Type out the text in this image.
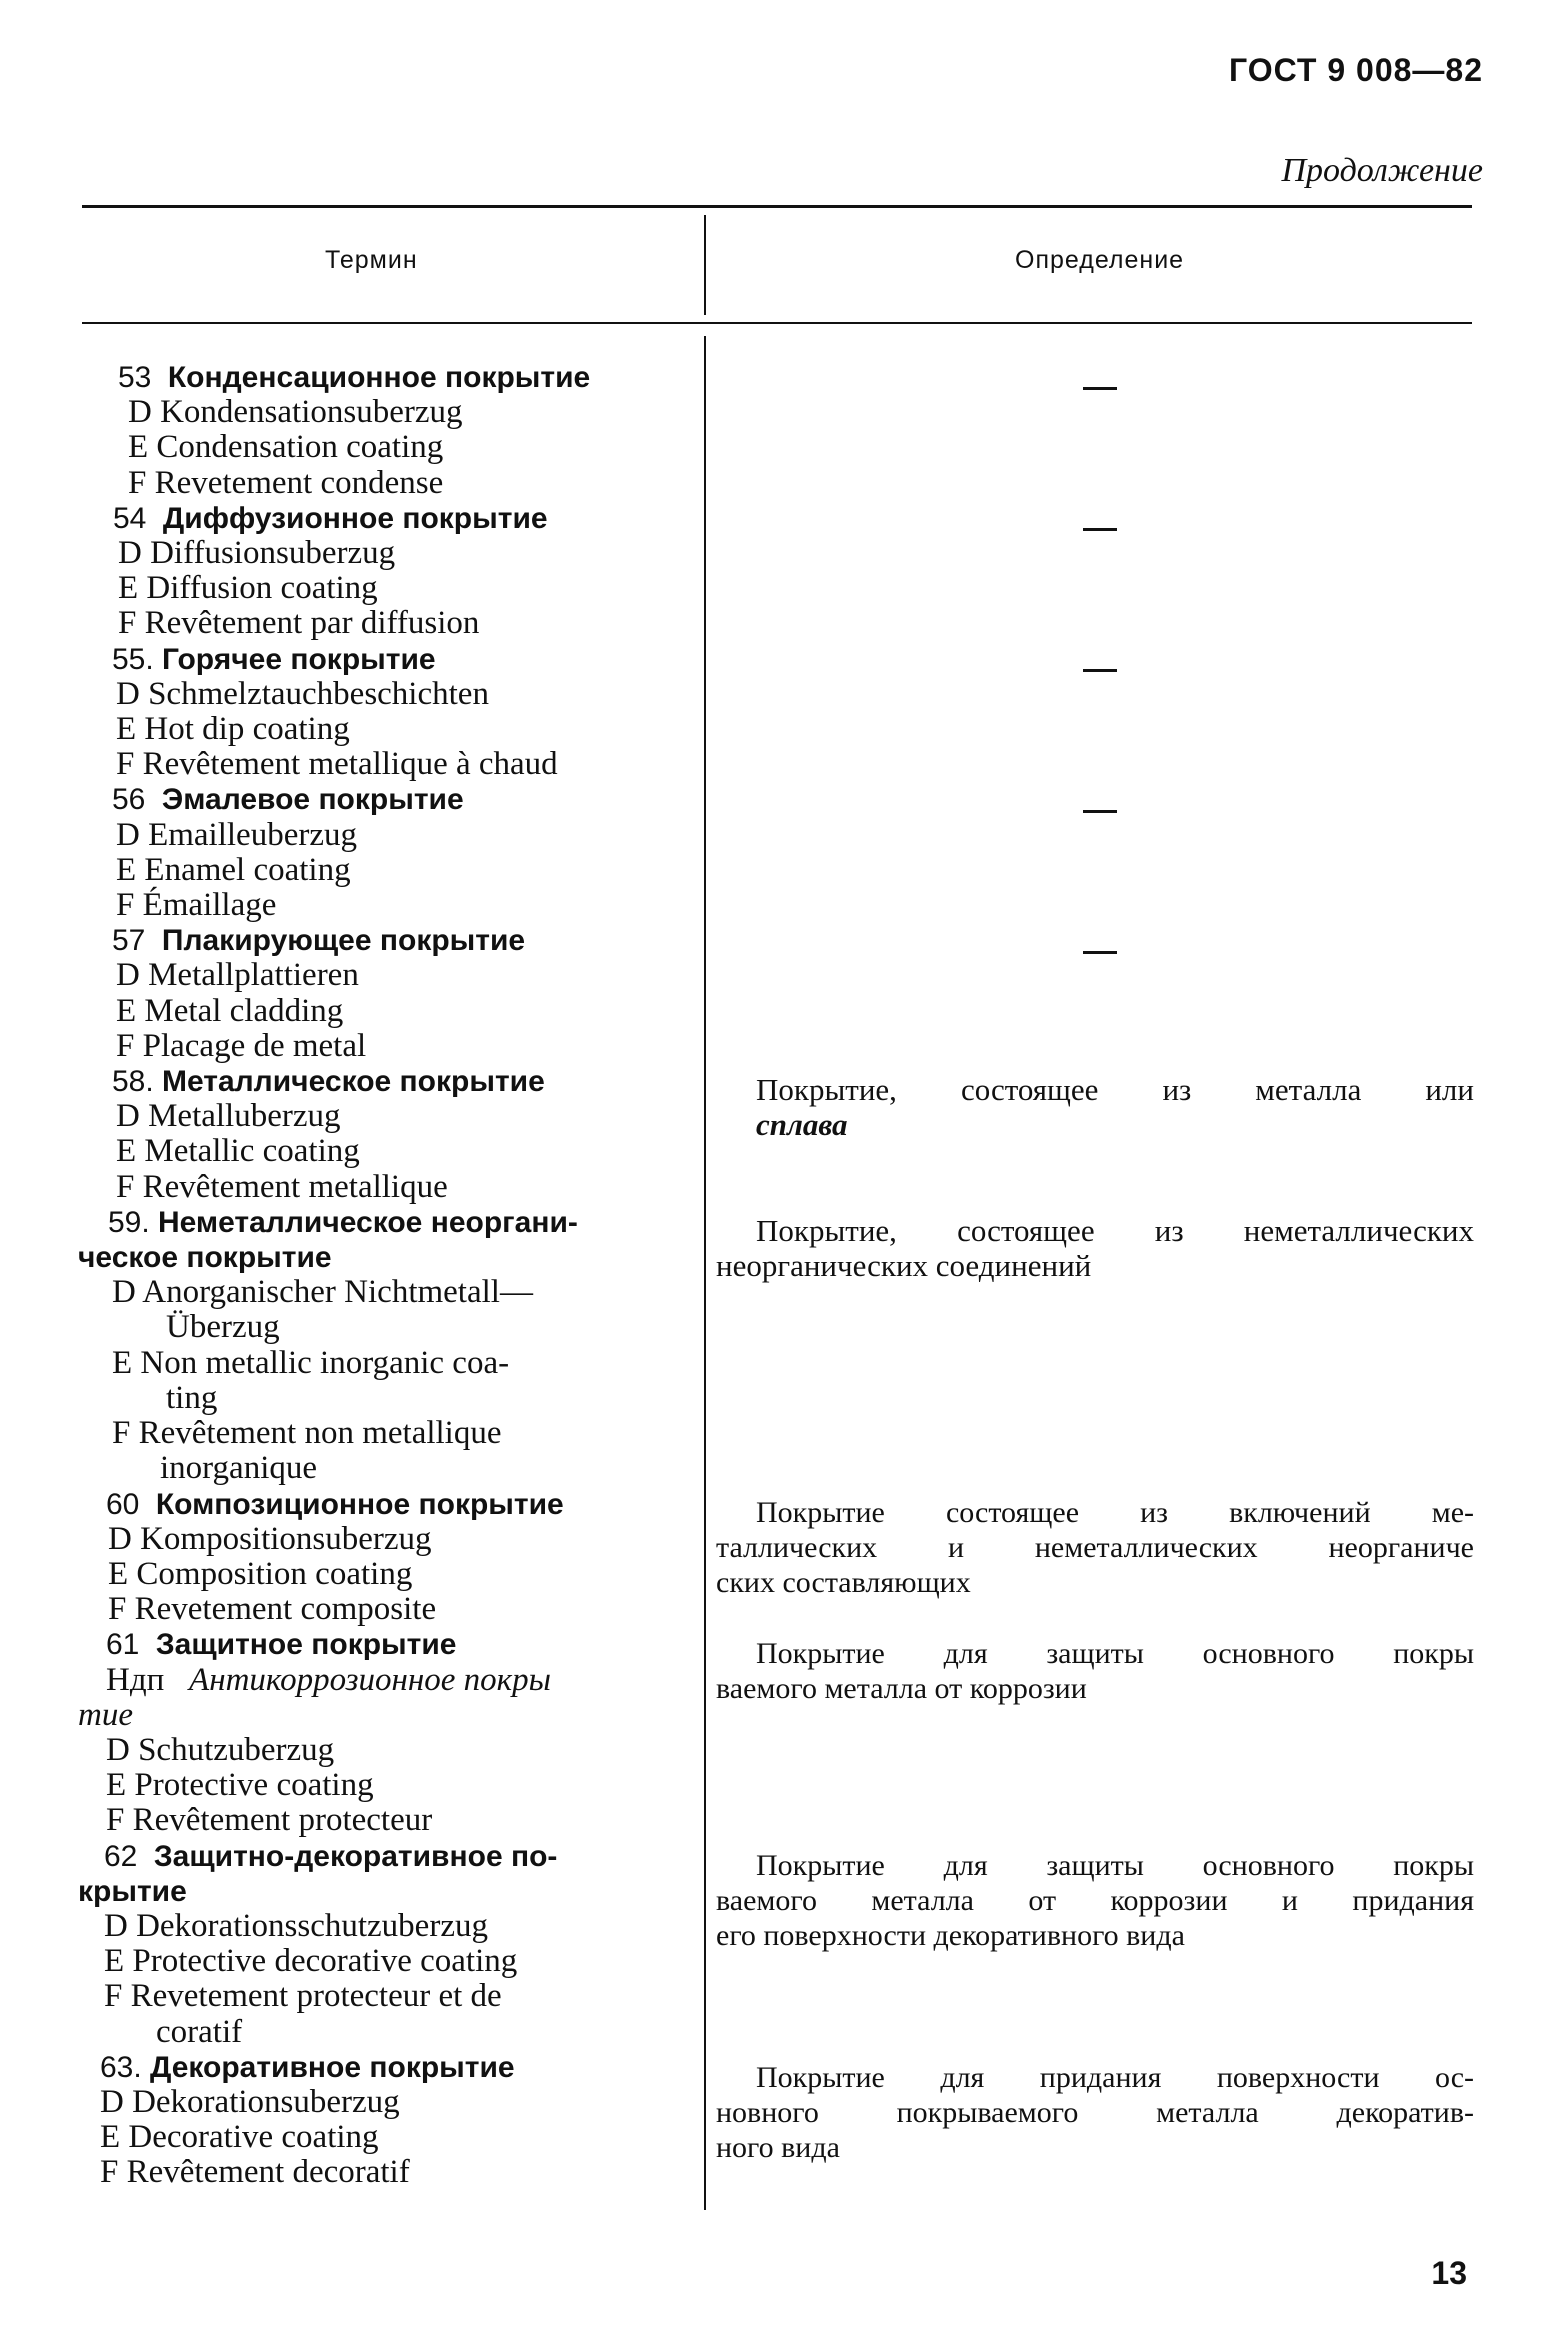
ГОСТ 9 008—82
Продолжение
Термин	Определение
53 Конденсационное покрытие
D Kondensationsuberzug
E Condensation coating
F Revetement condense
54 Диффузионное покрытие
D Diffusionsuberzug
E Diffusion coating
F Revêtement par diffusion
55. Горячее покрытие
D Schmelztauchbeschichten
E Hot dip coating
F Revêtement metallique à chaud
56 Эмалевое покрытие
D Emailleuberzug
E Enamel coating
F Émaillage
57 Плакирующее покрытие
D Metallplattieren
E Metal cladding
F Placage de metal
58. Металлическое покрытие
D Metalluberzug
E Metallic coating
F Revêtement metallique
59. Неметаллическое неоргани-
ческое покрытие
D Anorganischer Nichtmetall—
Überzug
E Non metallic inorganic coa-
ting
F Revêtement non metallique
inorganique
60 Композиционное покрытие
D Kompositionsuberzug
E Composition coating
F Revetement composite
61 Защитное покрытие
Ндп Антикоррозионное покры
тие
D Schutzuberzug
E Protective coating
F Revêtement protecteur
62 Защитно-декоративное по-
крытие
D Dekorationsschutzuberzug
E Protective decorative coating
F Revetement protecteur et de
coratif
63. Декоративное покрытие
D Dekorationsuberzug
E Decorative coating
F Revêtement decoratif
Покрытие, состоящее из металла или
сплава
Покрытие, состоящее из неметаллических
неорганических соединений
Покрытие состоящее из включений ме-
таллических и неметаллических неорганиче
ских составляющих
Покрытие для защиты основного покры
ваемого металла от коррозии
Покрытие для защиты основного покры
ваемого металла от коррозии и придания
его поверхности декоративного вида
Покрытие для придания поверхности ос-
новного покрываемого металла декоратив-
ного вида
13
